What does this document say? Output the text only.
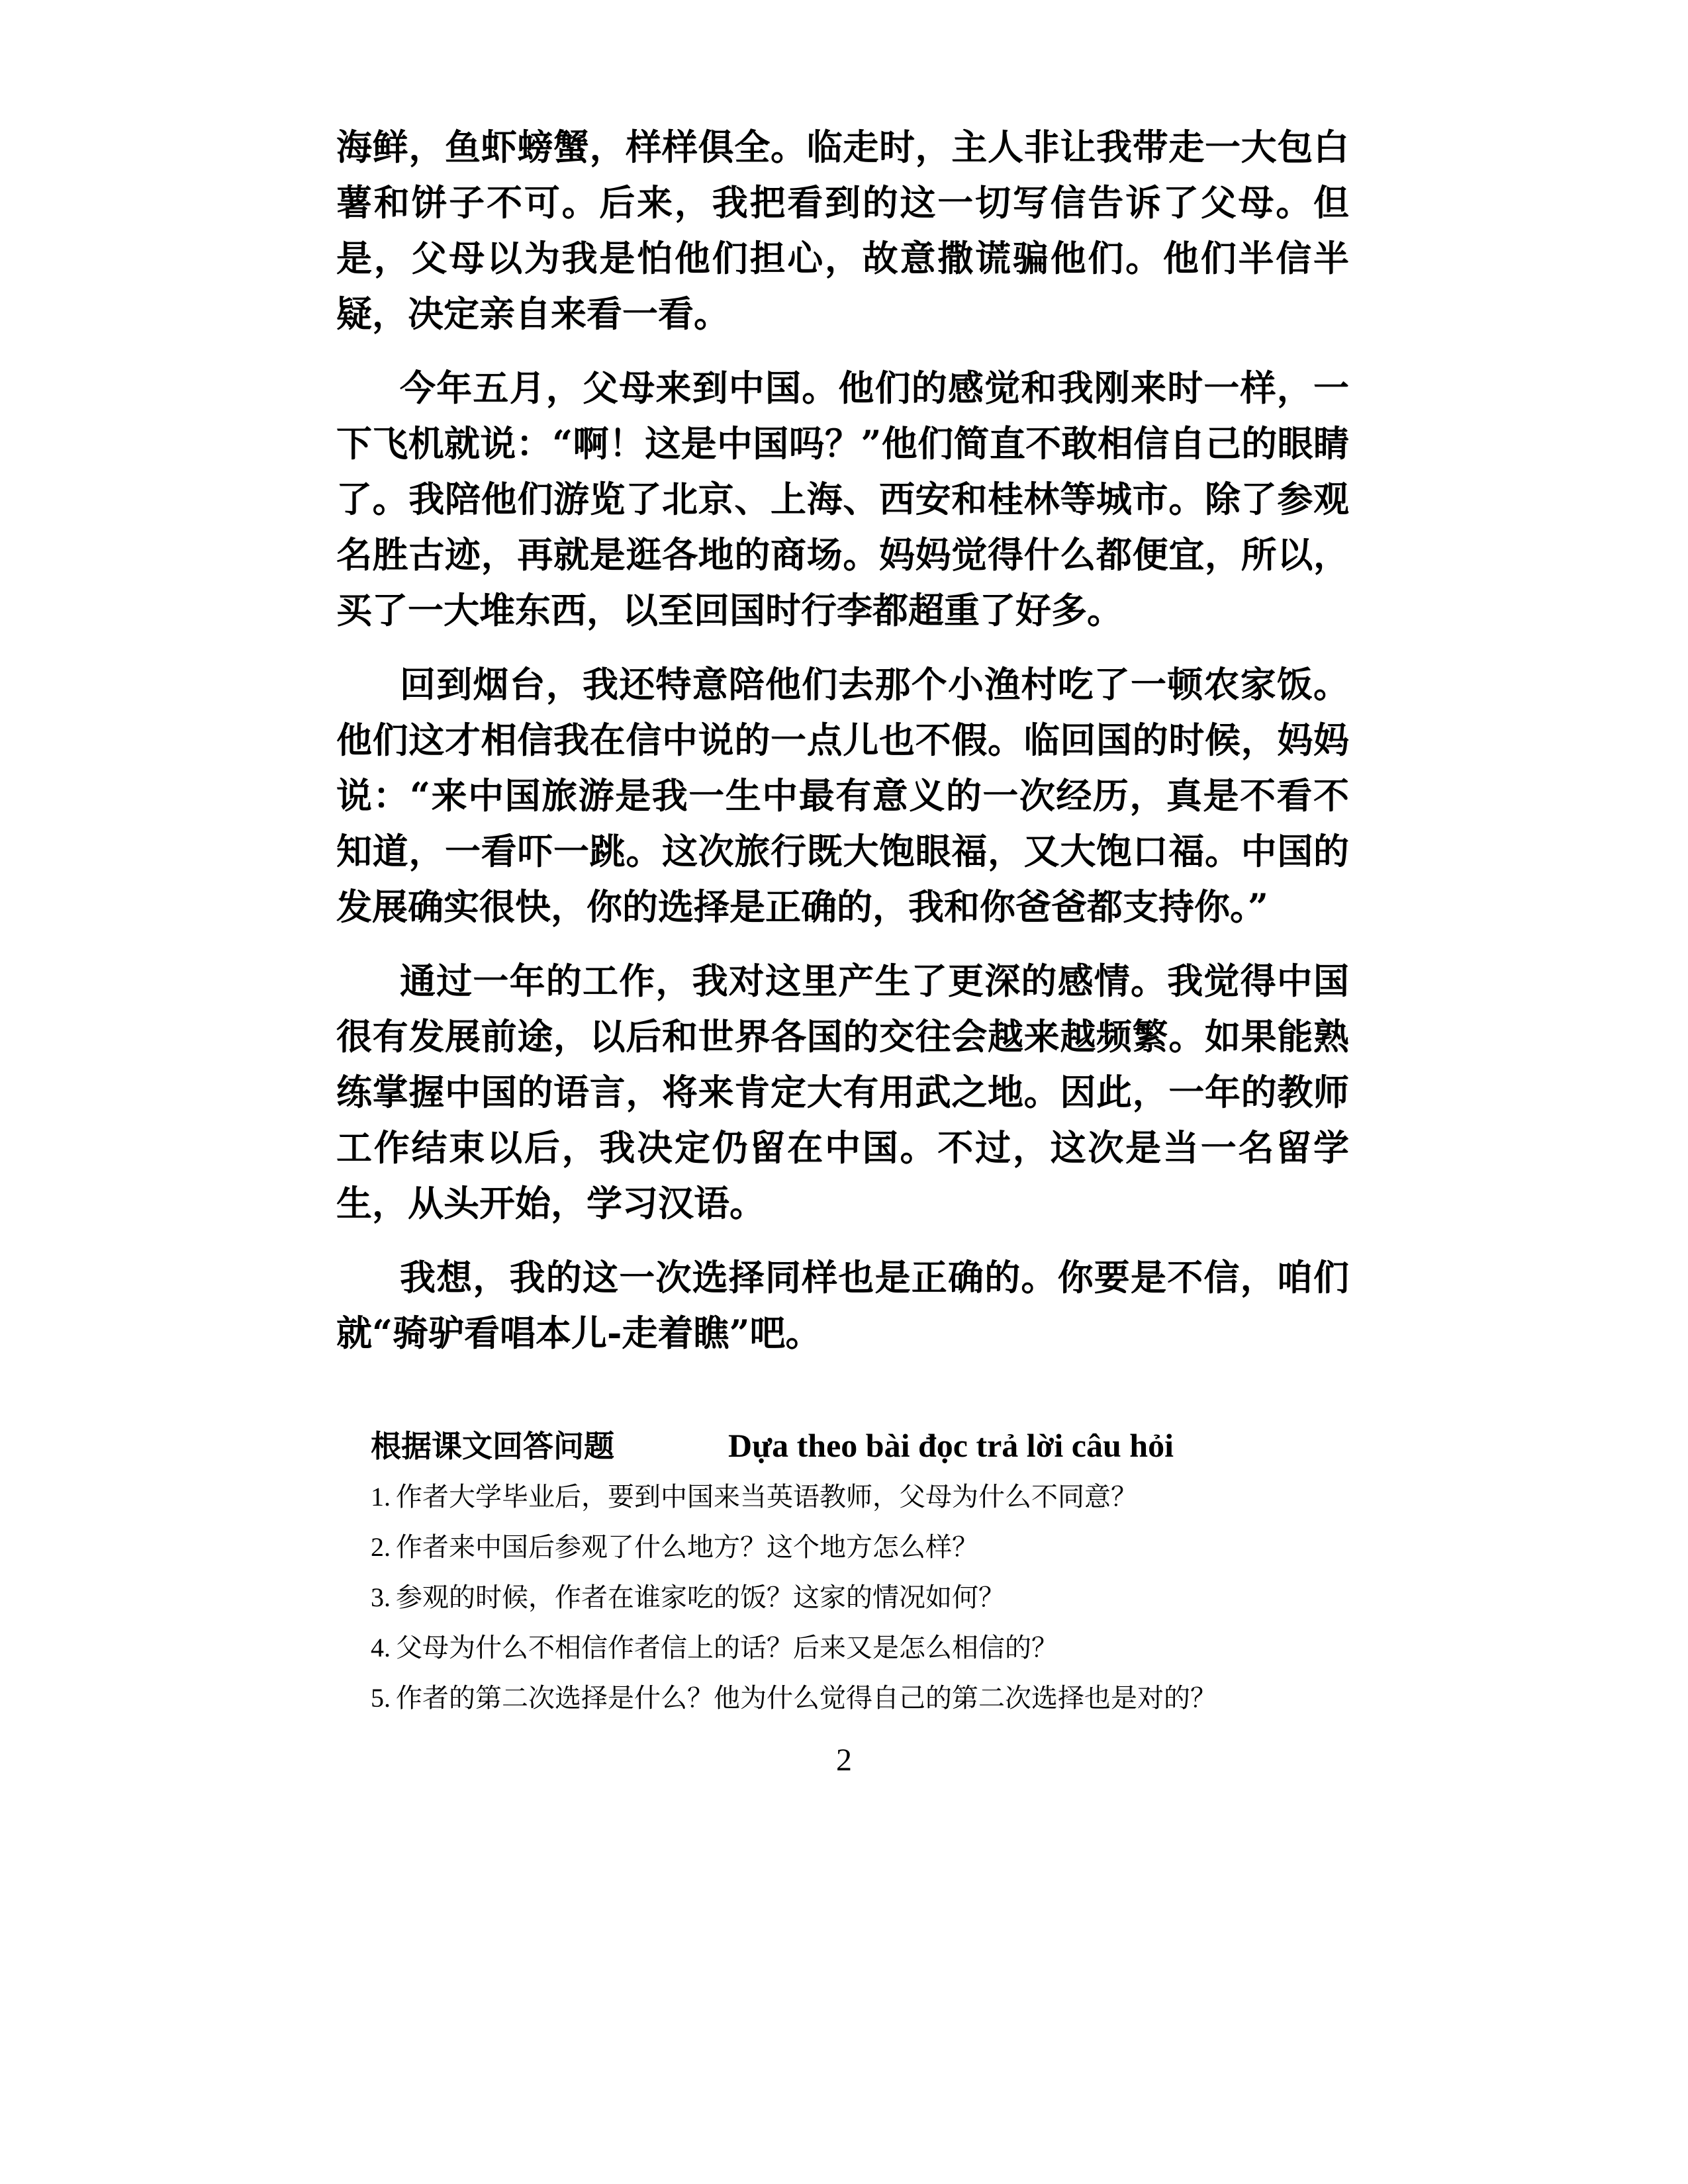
海鲜，鱼虾螃蟹，样样俱全。临走时，主人非让我带走一大包白薯和饼子不可。后来，我把看到的这一切写信告诉了父母。但是，父母以为我是怕他们担心，故意撒谎骗他们。他们半信半疑，决定亲自来看一看。

今年五月，父母来到中国。他们的感觉和我刚来时一样，一下飞机就说：“啊！这是中国吗？”他们简直不敢相信自己的眼睛了。我陪他们游览了北京、上海、西安和桂林等城市。除了参观名胜古迹，再就是逛各地的商场。妈妈觉得什么都便宜，所以，买了一大堆东西，以至回国时行李都超重了好多。

回到烟台，我还特意陪他们去那个小渔村吃了一顿农家饭。他们这才相信我在信中说的一点儿也不假。临回国的时候，妈妈说：“来中国旅游是我一生中最有意义的一次经历，真是不看不知道，一看吓一跳。这次旅行既大饱眼福，又大饱口福。中国的发展确实很快，你的选择是正确的，我和你爸爸都支持你。”

通过一年的工作，我对这里产生了更深的感情。我觉得中国很有发展前途，以后和世界各国的交往会越来越频繁。如果能熟练掌握中国的语言，将来肯定大有用武之地。因此，一年的教师工作结束以后，我决定仍留在中国。不过，这次是当一名留学生，从头开始，学习汉语。

我想，我的这一次选择同样也是正确的。你要是不信，咱们就“骑驴看唱本儿-走着瞧”吧。

根据课文回答问题	Dựa theo bài đọc trả lời câu hỏi
1. 作者大学毕业后，要到中国来当英语教师，父母为什么不同意？
2. 作者来中国后参观了什么地方？这个地方怎么样？
3. 参观的时候，作者在谁家吃的饭？这家的情况如何？
4. 父母为什么不相信作者信上的话？后来又是怎么相信的？
5. 作者的第二次选择是什么？他为什么觉得自己的第二次选择也是对的？
2
